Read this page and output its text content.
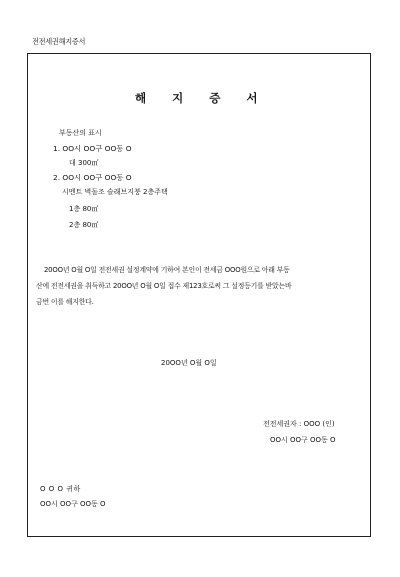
전전세권해지증서
해 지 증 서
부동산의 표시
1. OO시 OO구 OO동 O
대 300㎡
2. OO시 OO구 OO동 O
시멘트 벽돌조 슬래브지붕 2층주택
1층 80㎡
2층 80㎡
20OO년 O월 O일 전전세권 설정계약에 기하여 본인이 전세금 OOO원으로 아래 부동
산에 전전세권을 취득하고 20OO년 O월 O일 접수 제123호로써 그 설정등기를 받았는바
금번 이를 해지한다.
20OO년 O월 O일
전전세권자 : OOO (인)
OO시 OO구 OO동 O
O O O 귀하
OO시 OO구 OO동 O
